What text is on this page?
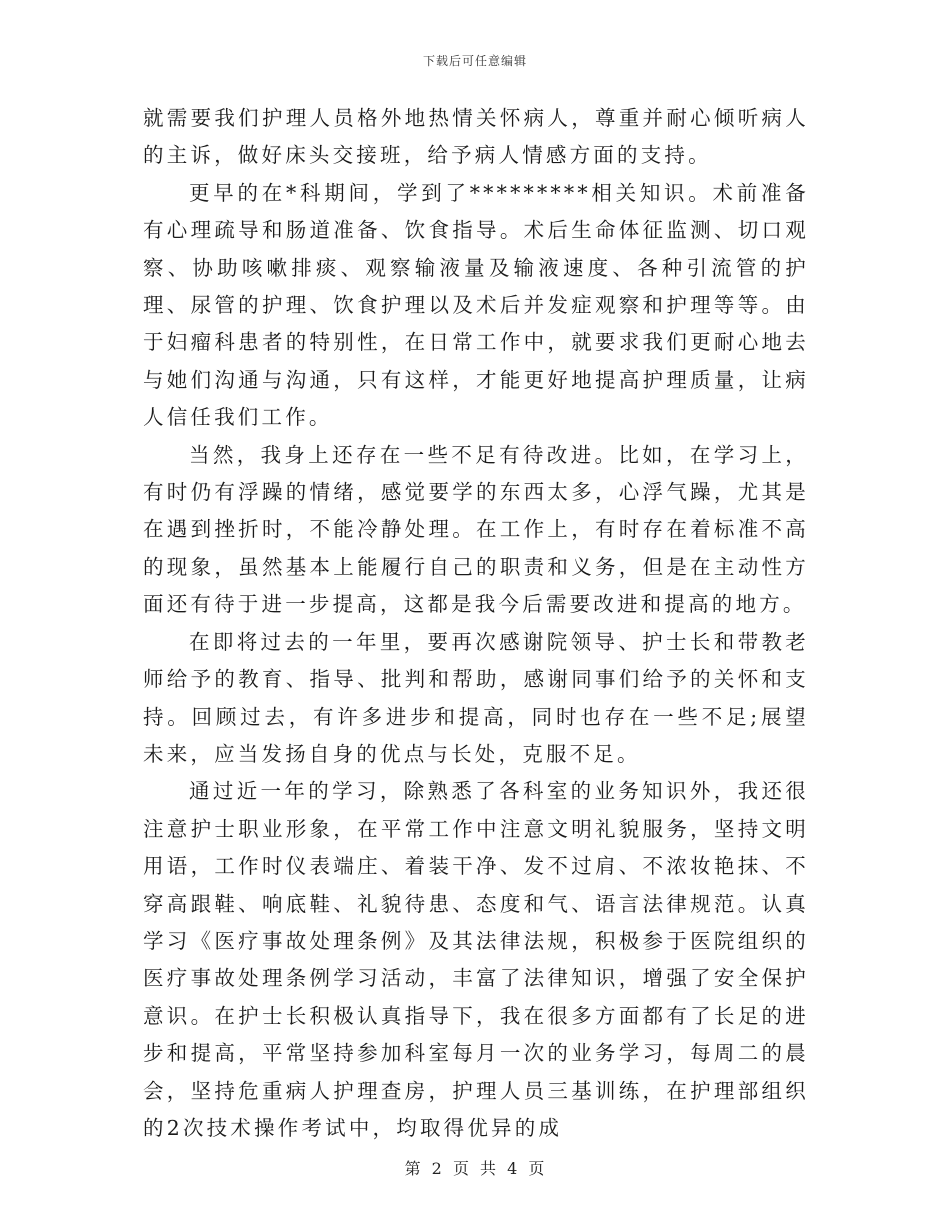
下载后可任意编辑

就需要我们护理人员格外地热情关怀病人，尊重并耐心倾听病人的主诉，做好床头交接班，给予病人情感方面的支持。

更早的在*科期间，学到了*********相关知识。术前准备有心理疏导和肠道准备、饮食指导。术后生命体征监测、切口观察、协助咳嗽排痰、观察输液量及输液速度、各种引流管的护理、尿管的护理、饮食护理以及术后并发症观察和护理等等。由于妇瘤科患者的特别性，在日常工作中，就要求我们更耐心地去与她们沟通与沟通，只有这样，才能更好地提高护理质量，让病人信任我们工作。

当然，我身上还存在一些不足有待改进。比如，在学习上，有时仍有浮躁的情绪，感觉要学的东西太多，心浮气躁，尤其是在遇到挫折时，不能冷静处理。在工作上，有时存在着标准不高的现象，虽然基本上能履行自己的职责和义务，但是在主动性方面还有待于进一步提高，这都是我今后需要改进和提高的地方。

在即将过去的一年里，要再次感谢院领导、护士长和带教老师给予的教育、指导、批判和帮助，感谢同事们给予的关怀和支持。回顾过去，有许多进步和提高，同时也存在一些不足;展望未来，应当发扬自身的优点与长处，克服不足。

通过近一年的学习，除熟悉了各科室的业务知识外，我还很注意护士职业形象，在平常工作中注意文明礼貌服务，坚持文明用语，工作时仪表端庄、着装干净、发不过肩、不浓妆艳抹、不穿高跟鞋、响底鞋、礼貌待患、态度和气、语言法律规范。认真学习《医疗事故处理条例》及其法律法规，积极参于医院组织的医疗事故处理条例学习活动，丰富了法律知识，增强了安全保护意识。在护士长积极认真指导下，我在很多方面都有了长足的进步和提高，平常坚持参加科室每月一次的业务学习，每周二的晨会，坚持危重病人护理查房，护理人员三基训练，在护理部组织的2次技术操作考试中，均取得优异的成

第 2 页 共 4 页
